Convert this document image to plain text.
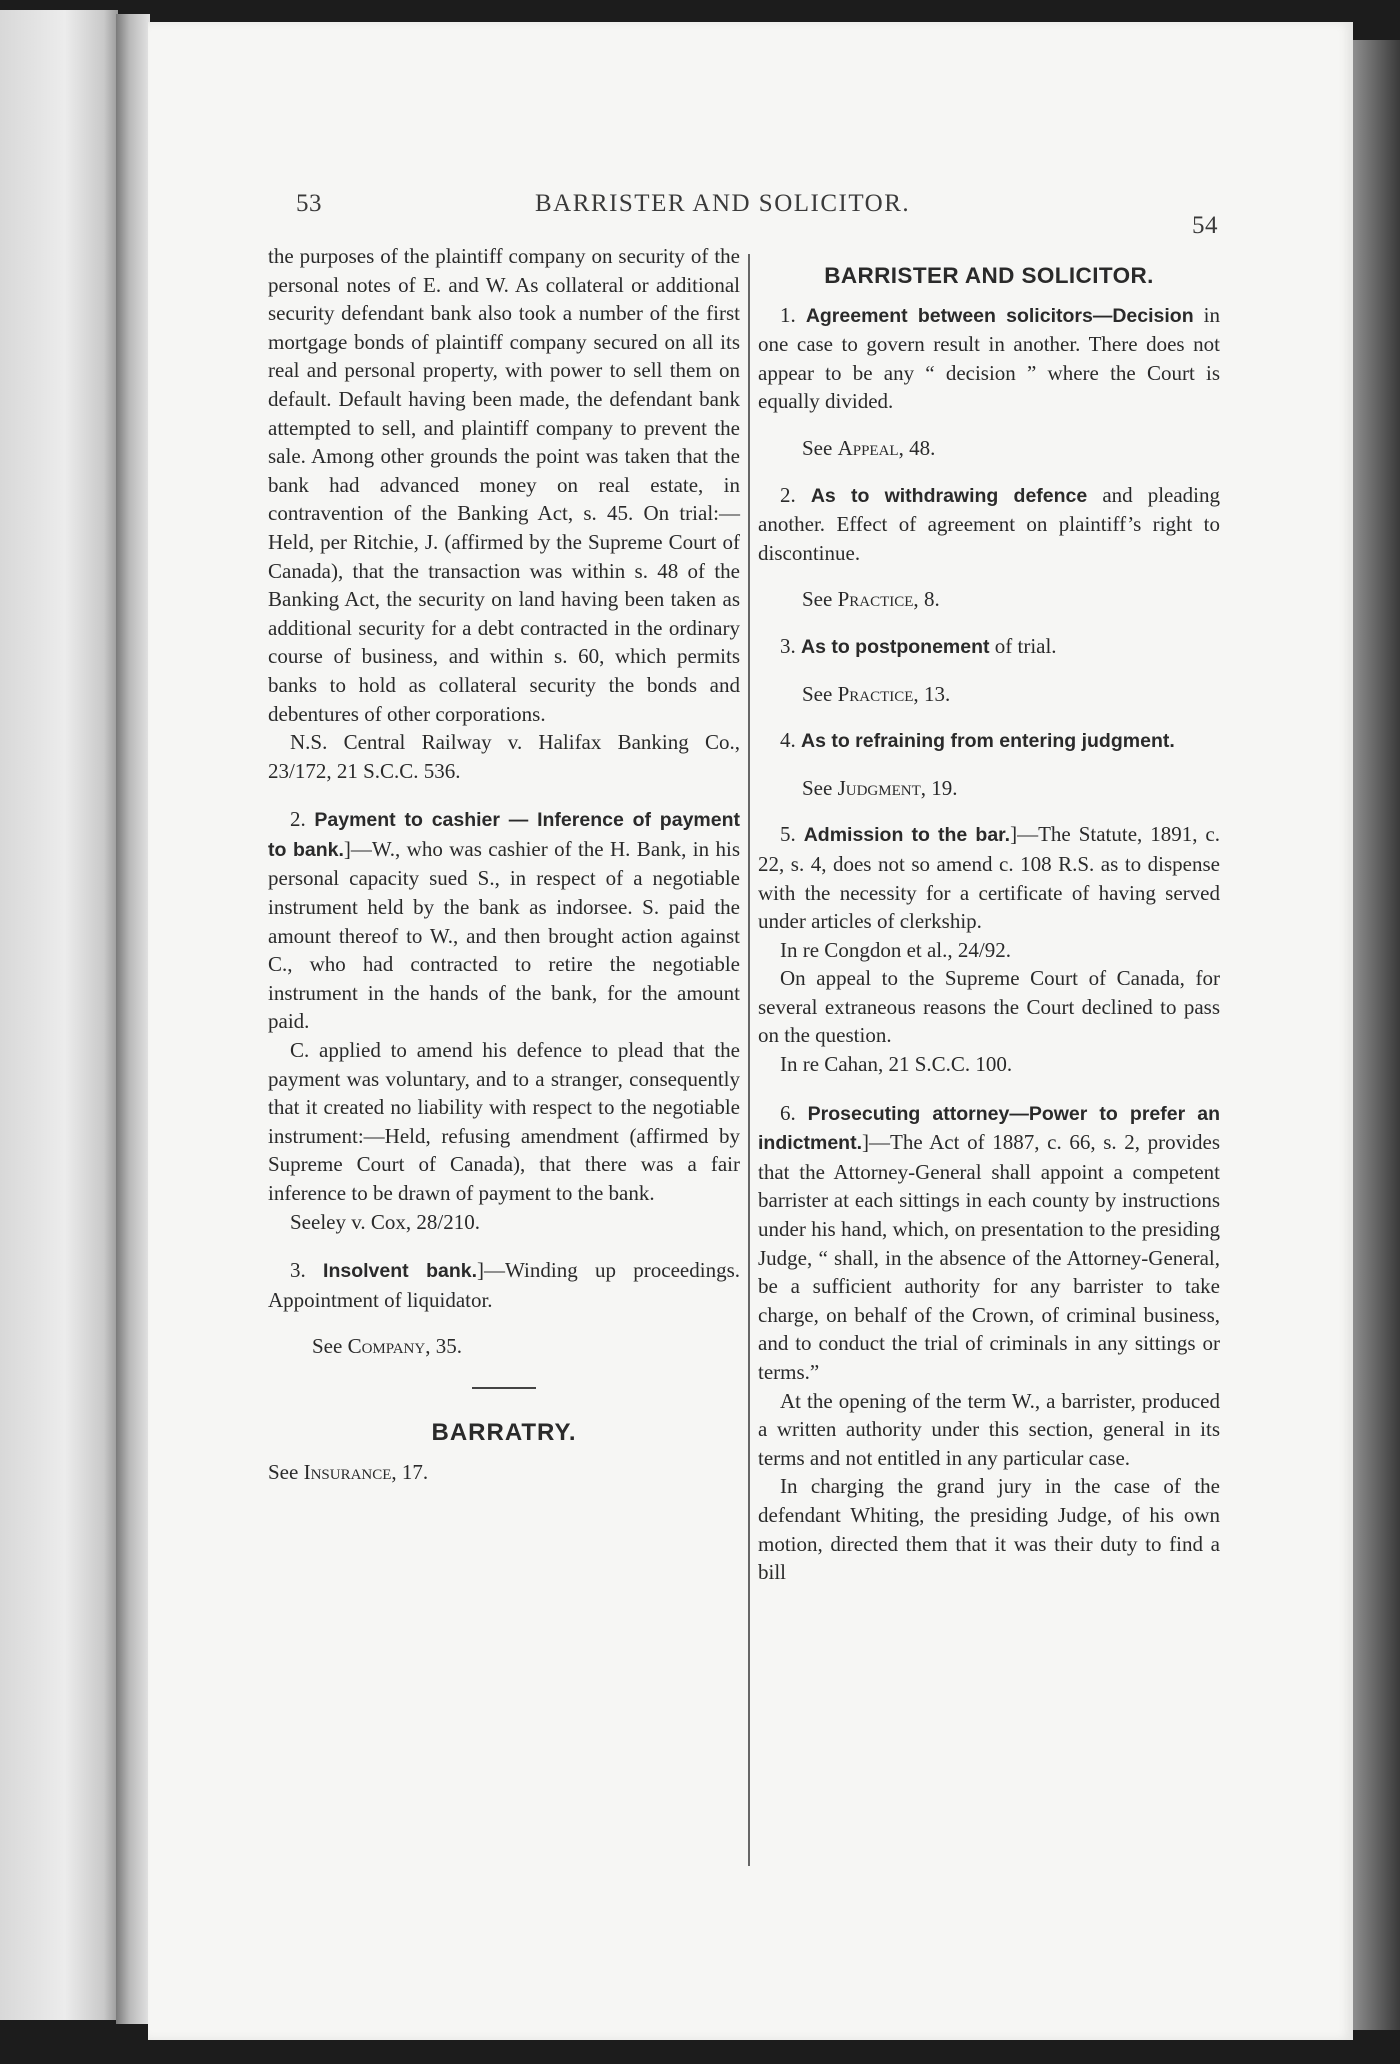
53	BARRISTER AND SOLICITOR.
54

the purposes of the plaintiff company on security of the personal notes of E. and W. As collateral or additional security defendant bank also took a number of the first mortgage bonds of plaintiff company secured on all its real and personal property, with power to sell them on default. Default having been made, the defendant bank attempted to sell, and plaintiff company to prevent the sale. Among other grounds the point was taken that the bank had advanced money on real estate, in contravention of the Banking Act, s. 45. On trial:—Held, per Ritchie, J. (affirmed by the Supreme Court of Canada), that the transaction was within s. 48 of the Banking Act, the security on land having been taken as additional security for a debt contracted in the ordinary course of business, and within s. 60, which permits banks to hold as collateral security the bonds and debentures of other corporations.

N.S. Central Railway v. Halifax Banking Co., 23/172, 21 S.C.C. 536.

2. Payment to cashier — Inference of payment to bank.]—W., who was cashier of the H. Bank, in his personal capacity sued S., in respect of a negotiable instrument held by the bank as indorsee. S. paid the amount thereof to W., and then brought action against C., who had contracted to retire the negotiable instrument in the hands of the bank, for the amount paid.

C. applied to amend his defence to plead that the payment was voluntary, and to a stranger, consequently that it created no liability with respect to the negotiable instrument:—Held, refusing amendment (affirmed by Supreme Court of Canada), that there was a fair inference to be drawn of payment to the bank.

Seeley v. Cox, 28/210.

3. Insolvent bank.]—Winding up proceedings. Appointment of liquidator.

See Company, 35.

BARRATRY.

See Insurance, 17.

BARRISTER AND SOLICITOR.

1. Agreement between solicitors—Decision in one case to govern result in another. There does not appear to be any “ decision ” where the Court is equally divided.

See Appeal, 48.

2. As to withdrawing defence and pleading another. Effect of agreement on plaintiff’s right to discontinue.

See Practice, 8.

3. As to postponement of trial.

See Practice, 13.

4. As to refraining from entering judgment.

See Judgment, 19.

5. Admission to the bar.]—The Statute, 1891, c. 22, s. 4, does not so amend c. 108 R.S. as to dispense with the necessity for a certificate of having served under articles of clerkship.

In re Congdon et al., 24/92.

On appeal to the Supreme Court of Canada, for several extraneous reasons the Court declined to pass on the question.

In re Cahan, 21 S.C.C. 100.

6. Prosecuting attorney—Power to prefer an indictment.]—The Act of 1887, c. 66, s. 2, provides that the Attorney-General shall appoint a competent barrister at each sittings in each county by instructions under his hand, which, on presentation to the presiding Judge, “ shall, in the absence of the Attorney-General, be a sufficient authority for any barrister to take charge, on behalf of the Crown, of criminal business, and to conduct the trial of criminals in any sittings or terms.”

At the opening of the term W., a barrister, produced a written authority under this section, general in its terms and not entitled in any particular case.

In charging the grand jury in the case of the defendant Whiting, the presiding Judge, of his own motion, directed them that it was their duty to find a bill
